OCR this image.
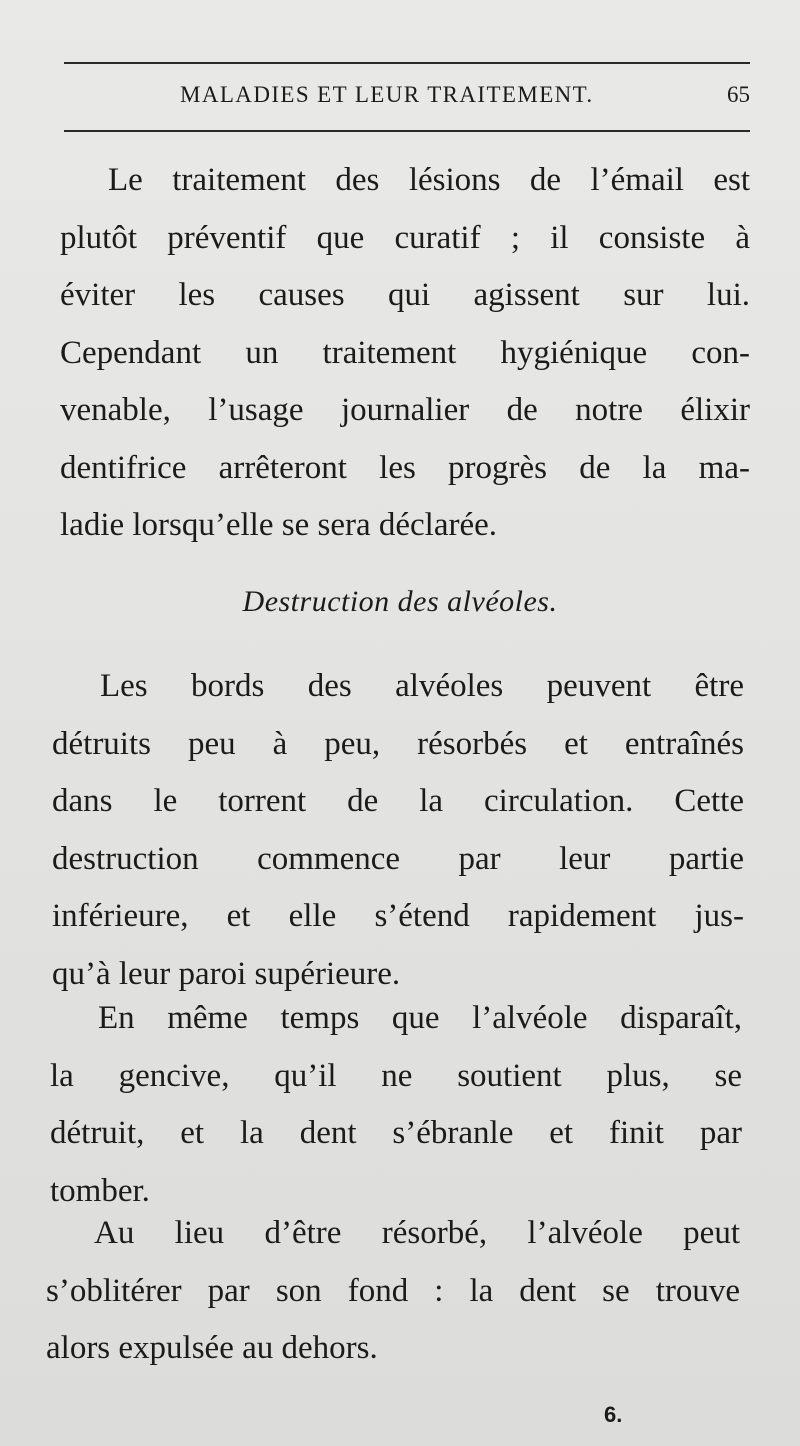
MALADIES ET LEUR TRAITEMENT.	65
Le traitement des lésions de l’émail est
plutôt préventif que curatif ; il consiste à
éviter les causes qui agissent sur lui.
Cependant un traitement hygiénique con-
venable, l’usage journalier de notre élixir
dentifrice arrêteront les progrès de la ma-
ladie lorsqu’elle se sera déclarée.
Destruction des alvéoles.
Les bords des alvéoles peuvent être
détruits peu à peu, résorbés et entraînés
dans le torrent de la circulation. Cette
destruction commence par leur partie
inférieure, et elle s’étend rapidement jus-
qu’à leur paroi supérieure.
En même temps que l’alvéole disparaît,
la gencive, qu’il ne soutient plus, se
détruit, et la dent s’ébranle et finit par
tomber.
Au lieu d’être résorbé, l’alvéole peut
s’oblitérer par son fond : la dent se trouve
alors expulsée au dehors.
6.
